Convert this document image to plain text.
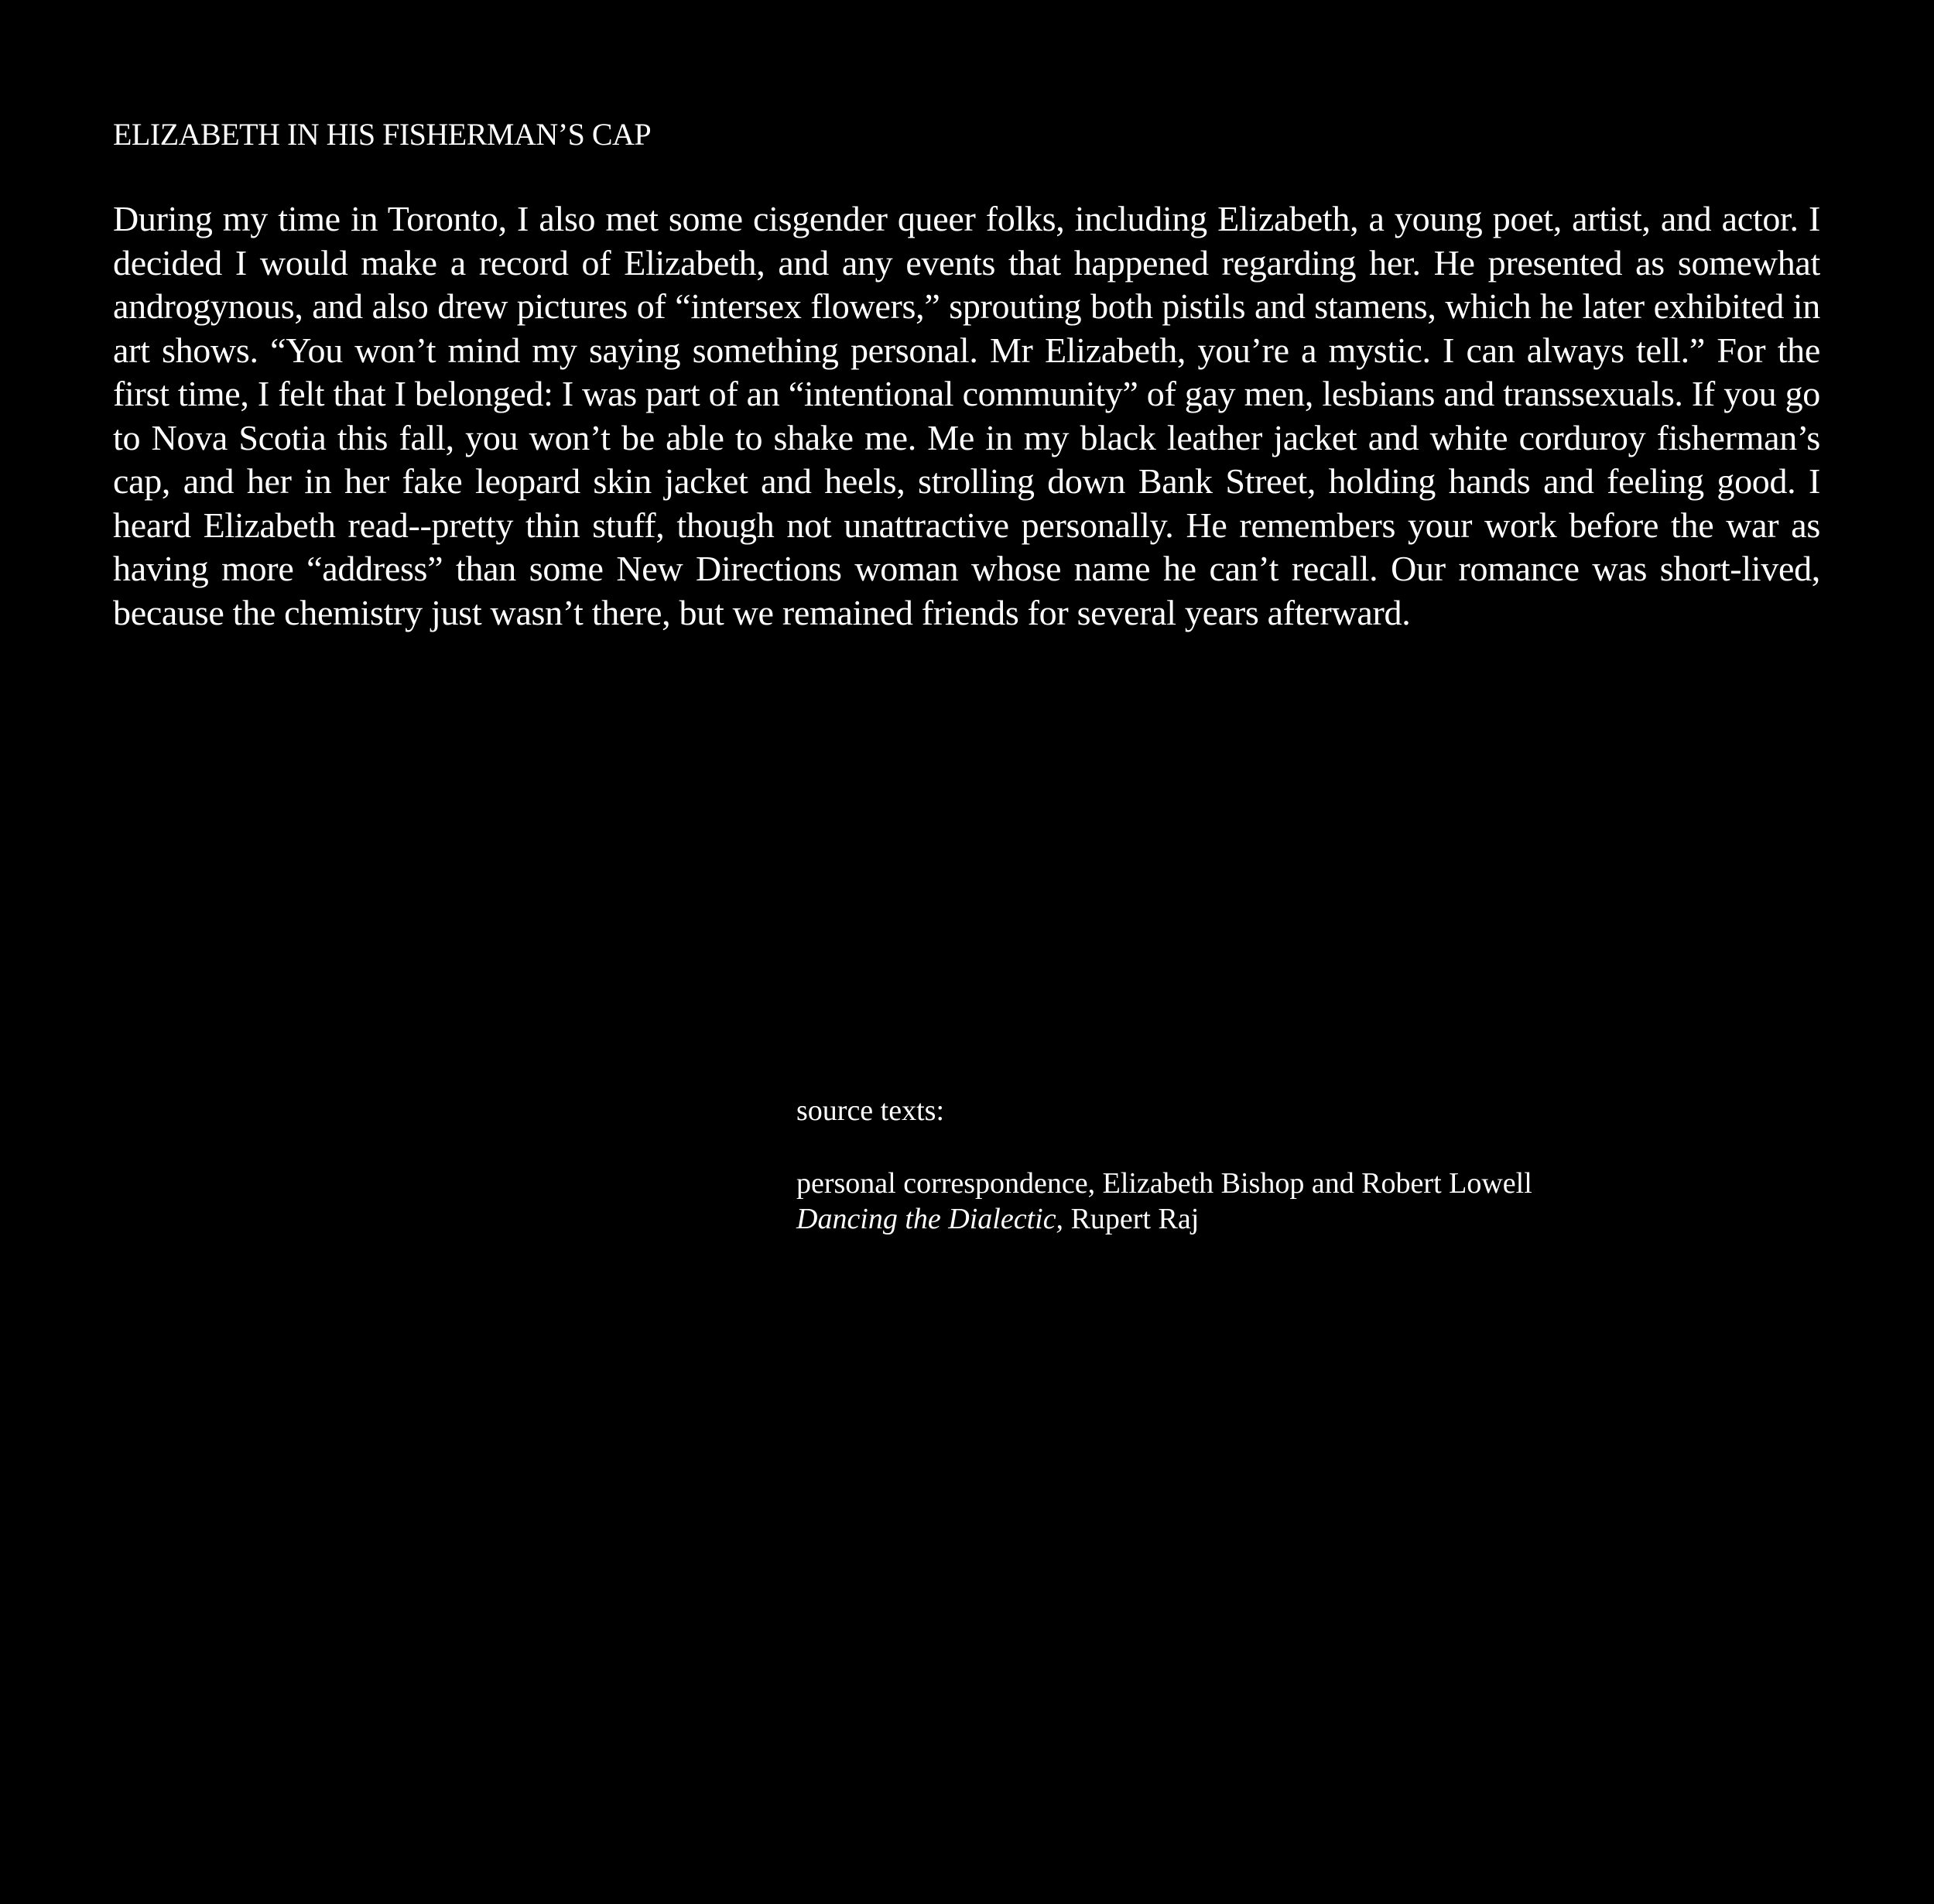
ELIZABETH IN HIS FISHERMAN’S CAP

During my time in Toronto, I also met some cisgender queer folks, including Elizabeth, a young poet, artist, and actor. I decided I would make a record of Elizabeth, and any events that happened regarding her. He presented as somewhat androgynous, and also drew pictures of “intersex flowers,” sprouting both pistils and stamens, which he later exhibited in art shows. “You won’t mind my saying something personal. Mr Elizabeth, you’re a mystic. I can always tell.” For the first time, I felt that I belonged: I was part of an “intentional community” of gay men, lesbians and transsexuals. If you go to Nova Scotia this fall, you won’t be able to shake me. Me in my black leather jacket and white corduroy fisherman’s cap, and her in her fake leopard skin jacket and heels, strolling down Bank Street, holding hands and feeling good. I heard Elizabeth read--pretty thin stuff, though not unattractive personally. He remembers your work before the war as having more “address” than some New Directions woman whose name he can’t recall. Our romance was short-lived, because the chemistry just wasn’t there, but we remained friends for several years afterward.

source texts:

personal correspondence, Elizabeth Bishop and Robert Lowell

Dancing the Dialectic, Rupert Raj
